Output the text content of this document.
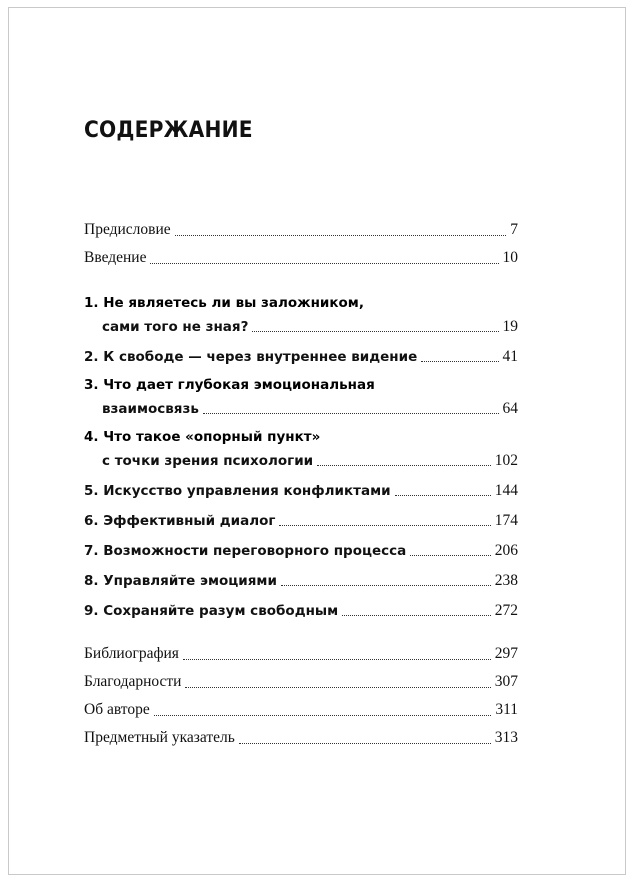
СОДЕРЖАНИЕ
Предисловие	7
Введение	10
1. Не являетесь ли вы заложником,
сами того не зная?	19
2. К свободе — через внутреннее видение	41
3. Что дает глубокая эмоциональная
взаимосвязь	64
4. Что такое «опорный пункт»
с точки зрения психологии	102
5. Искусство управления конфликтами	144
6. Эффективный диалог	174
7. Возможности переговорного процесса	206
8. Управляйте эмоциями	238
9. Сохраняйте разум свободным	272
Библиография	297
Благодарности	307
Об авторе	311
Предметный указатель	313
